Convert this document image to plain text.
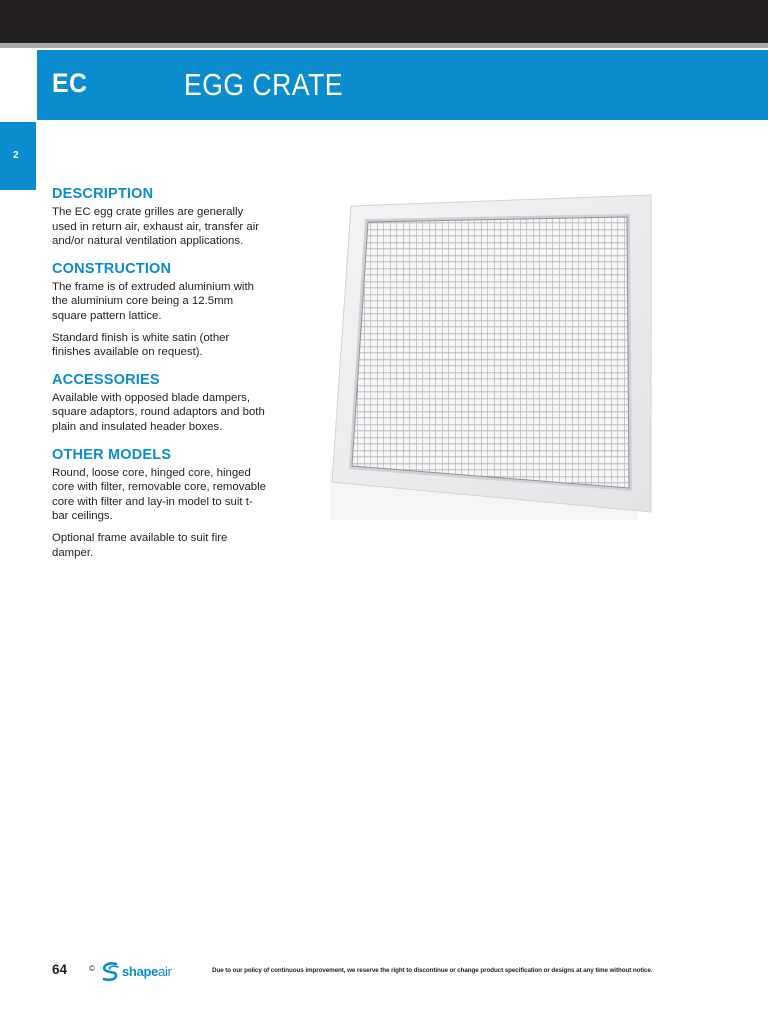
EC	EGG CRATE
2
DESCRIPTION

The EC egg crate grilles are generally used in return air, exhaust air, transfer air and/or natural ventilation applications.

CONSTRUCTION

The frame is of extruded aluminium with the aluminium core being a 12.5mm square pattern lattice.

Standard finish is white satin (other finishes available on request).

ACCESSORIES

Available with opposed blade dampers, square adaptors, round adaptors and both plain and insulated header boxes.

OTHER MODELS

Round, loose core, hinged core, hinged core with filter, removable core, removable core with filter and lay-in model to suit t-bar ceilings.

Optional frame available to suit fire damper.

64	© shapeair	Due to our policy of continuous improvement, we reserve the right to discontinue or change product specification or designs at any time without notice.
